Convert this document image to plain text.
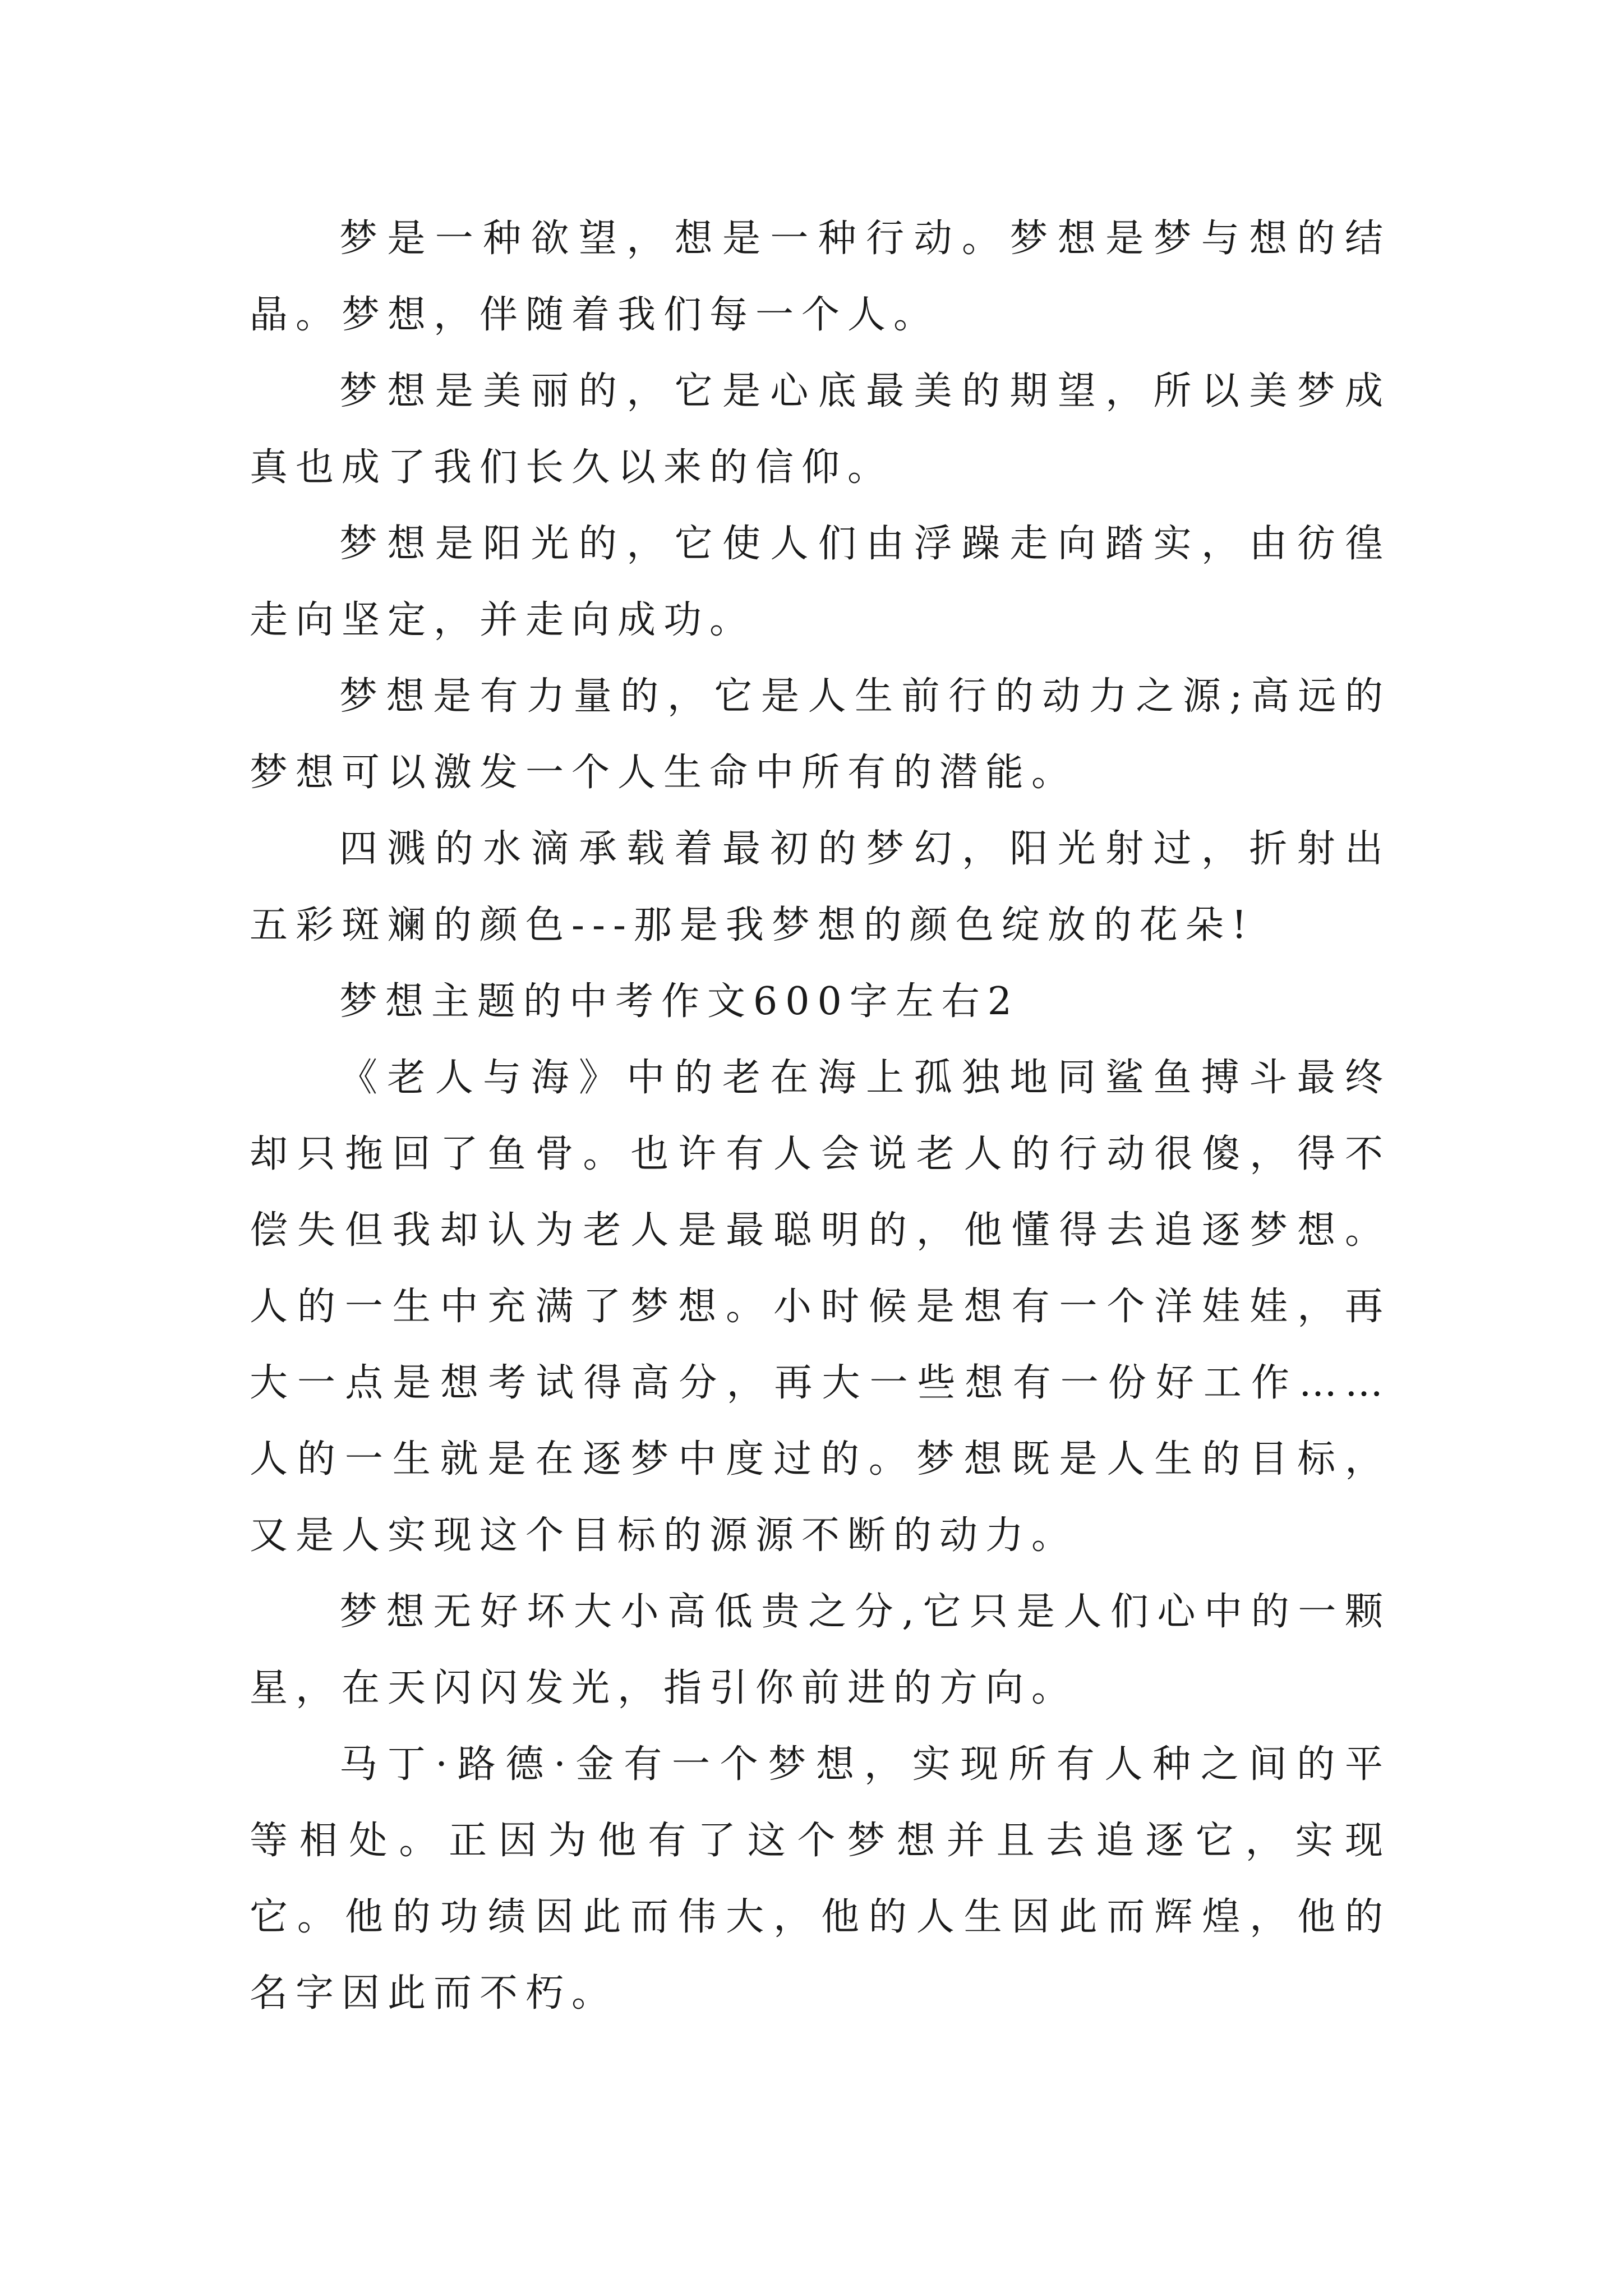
梦是一种欲望，想是一种行动。梦想是梦与想的结晶。梦想，伴随着我们每一个人。

梦想是美丽的，它是心底最美的期望，所以美梦成真也成了我们长久以来的信仰。

梦想是阳光的，它使人们由浮躁走向踏实，由彷徨走向坚定，并走向成功。

梦想是有力量的，它是人生前行的动力之源;高远的梦想可以激发一个人生命中所有的潜能。

四溅的水滴承载着最初的梦幻，阳光射过，折射出五彩斑斓的颜色---那是我梦想的颜色绽放的花朵!

梦想主题的中考作文600字左右2

《老人与海》中的老在海上孤独地同鲨鱼搏斗最终却只拖回了鱼骨。也许有人会说老人的行动很傻，得不偿失但我却认为老人是最聪明的，他懂得去追逐梦想。人的一生中充满了梦想。小时候是想有一个洋娃娃，再大一点是想考试得高分，再大一些想有一份好工作……人的一生就是在逐梦中度过的。梦想既是人生的目标，又是人实现这个目标的源源不断的动力。

梦想无好坏大小高低贵之分,它只是人们心中的一颗星，在天闪闪发光，指引你前进的方向。

马丁·路德·金有一个梦想，实现所有人种之间的平等相处。正因为他有了这个梦想并且去追逐它，实现它。他的功绩因此而伟大，他的人生因此而辉煌，他的名字因此而不朽。
